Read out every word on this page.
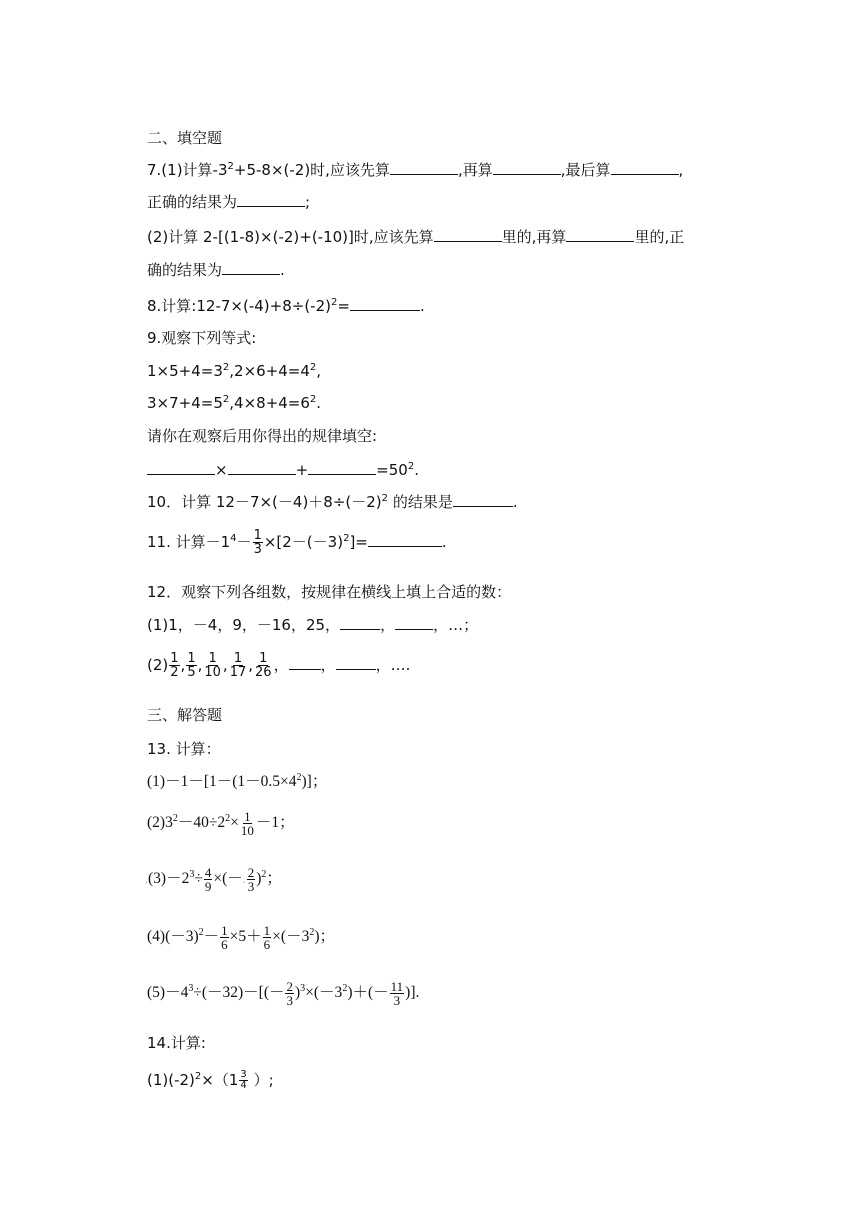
二、填空题
7.(1)计算$-3^2+5-8\times(-2)$时,应该先算	,再算	,最后算	,
正确的结果为	;
(2)计算 2-[(1-8)×(-2)+(-10)]时,应该先算	里的,再算	里的,正
确的结果为	.
8.计算$:12-7\times(-4)+8\div(-2)^2=$	.
9.观察下列等式:
$1\times 5+4=3^2,2\times 6+4=4^2$,
$3\times 7+4=5^2,4\times 8+4=6^2$.
请你在观察后用你得出的规律填空:
×	+	$=50^2$.
10．计算 $12-7\times(-4)+8\div(-2)^2$ 的结果是	.
11. 计算$-1^4- \frac{1}{3} \times[2-(-3)^2]=$	.
12．观察下列各组数，按规律在横线上填上合适的数：
(1)1，－4，9，－16，25，	，	，…；
$(2) \frac{1}{2}$ , $\frac{1}{5}$ , $\frac{1}{10}$ , $\frac{1}{17}$ , $\frac{1}{26}$ ， ，	，….
三、解答题
13. 计算：
$(1)-1-[1-(1-0.5\times 4^2)]$；
$(2)3^2-40\div 2^2\times \frac{1}{10} -1$；
$.(3)-2^3\div \frac{4}{9}$ ×(－. $\frac{2}{3} )^2$；
$(4)(-3)^2- \frac{1}{6} \times 5+ \frac{1}{6} \times(-3^2)$；
$(5)-4^3\div(-32)-[(- \frac{2}{3} )^3\times(-3^2)+(- \frac{11}{3}$ )].
14.计算:
$(1)(-2)^2\times(1 \frac{3}{4}$ ）;
